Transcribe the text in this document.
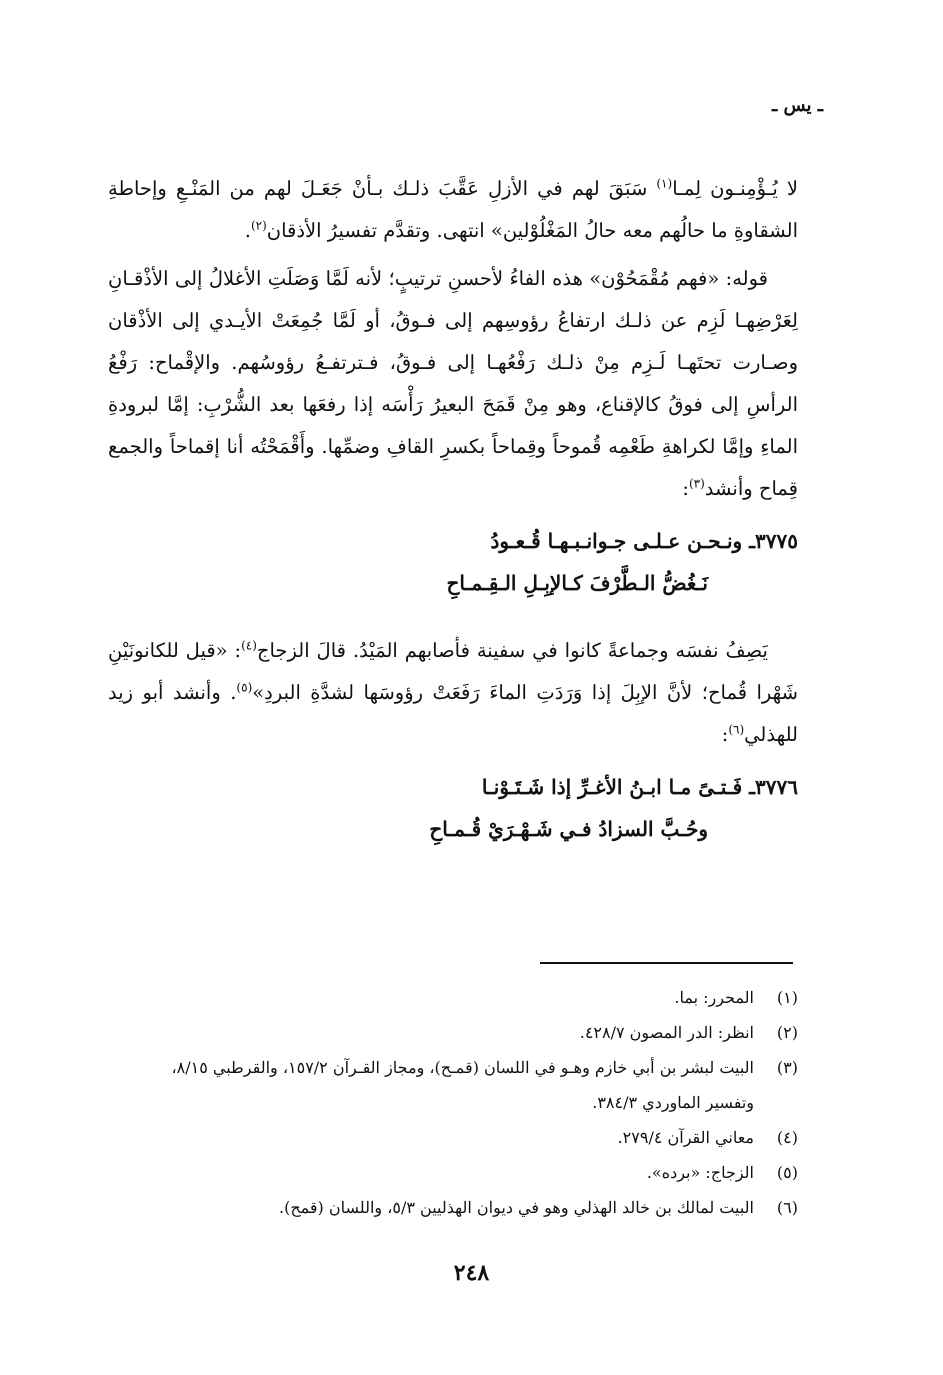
ـ يس ـ

لا يُـؤْمِنـون لِمـا$^{(١)}$ سَبَقَ لهم في الأزلِ عَقَّبَ ذلـك بـأنْ جَعَـلَ لهم من المَنْـعِ وإحاطةِ الشقاوةِ ما حالُهم معه حالُ المَغْلُوْلين» انتهى. وتقدَّم تفسيرُ الأذقان$^{(٢)}$.

قوله: «فهم مُقْمَحُوْن» هذه الفاءُ لأحسنِ ترتيبٍ؛ لأنه لَمَّا وَصَلَتِ الأغلالُ إلى الأذْقـانِ لِعَرْضِهـا لَزِم عن ذلـك ارتفاعُ رؤوسِهم إلى فـوقُ، أو لَمَّا جُمِعَتْ الأيـدي إلى الأذْقان وصـارت تحتَهـا لَـزِم مِنْ ذلـك رَفْعُهـا إلى فـوقُ، فـترتفـعُ رؤوسُهم. والإقْماح: رَفْعُ الرأسِ إلى فوقُ كالإقناع، وهو مِنْ قَمَحَ البعيرُ رَأْسَه إذا رفعَها بعد الشُّرْبِ: إمَّا لبرودةِ الماءِ وإمَّا لكراهةِ طَعْمِه قُموحاً وقِماحاً بكسرِ القافِ وضمِّها. وأَقْمَحْتُه أنا إقماحاً والجمع قِماح وأنشد$^{(٣)}$:

٣٧٧٥ـ ونـحـن عـلـى جـوانـبـهـا قُـعـودُ
نَـغُضُّ الـطَّرْفَ كـالإبِـلِ الـقِـمـاحِ

يَصِفُ نفسَه وجماعةً كانوا في سفينة فأصابهم المَيْدُ. قالَ الزجاج$^{(٤)}$: «قيل للكانونَيْنِ شَهْرا قُماح؛ لأنَّ الإبِلَ إذا وَرَدَتِ الماءَ رَفَعَتْ رؤوسَها لشدَّةِ البردِ»$^{(٥)}$. وأنشد أبو زيد للهذلي$^{(٦)}$:

٣٧٧٦ـ فَـتـىً مـا ابـنُ الأغـرِّ إذا شَـتَـوْنـا
وحُـبَّ السزادُ فـي شَـهْـرَيْ قُـمـاحِ
(١)
المحرر: بما.
(٢)
انظر: الدر المصون ٤٢٨/٧.
(٣)
البيت لبشر بن أبي خازم وهـو في اللسان (قمـح)، ومجاز القـرآن ١٥٧/٢، والقرطبي ٨/١٥، وتفسير الماوردي ٣٨٤/٣.
(٤)
معاني القرآن ٢٧٩/٤.
(٥)
الزجاج: «برده».
(٦)
البيت لمالك بن خالد الهذلي وهو في ديوان الهذليين ٥/٣، واللسان (قمح).
٢٤٨
